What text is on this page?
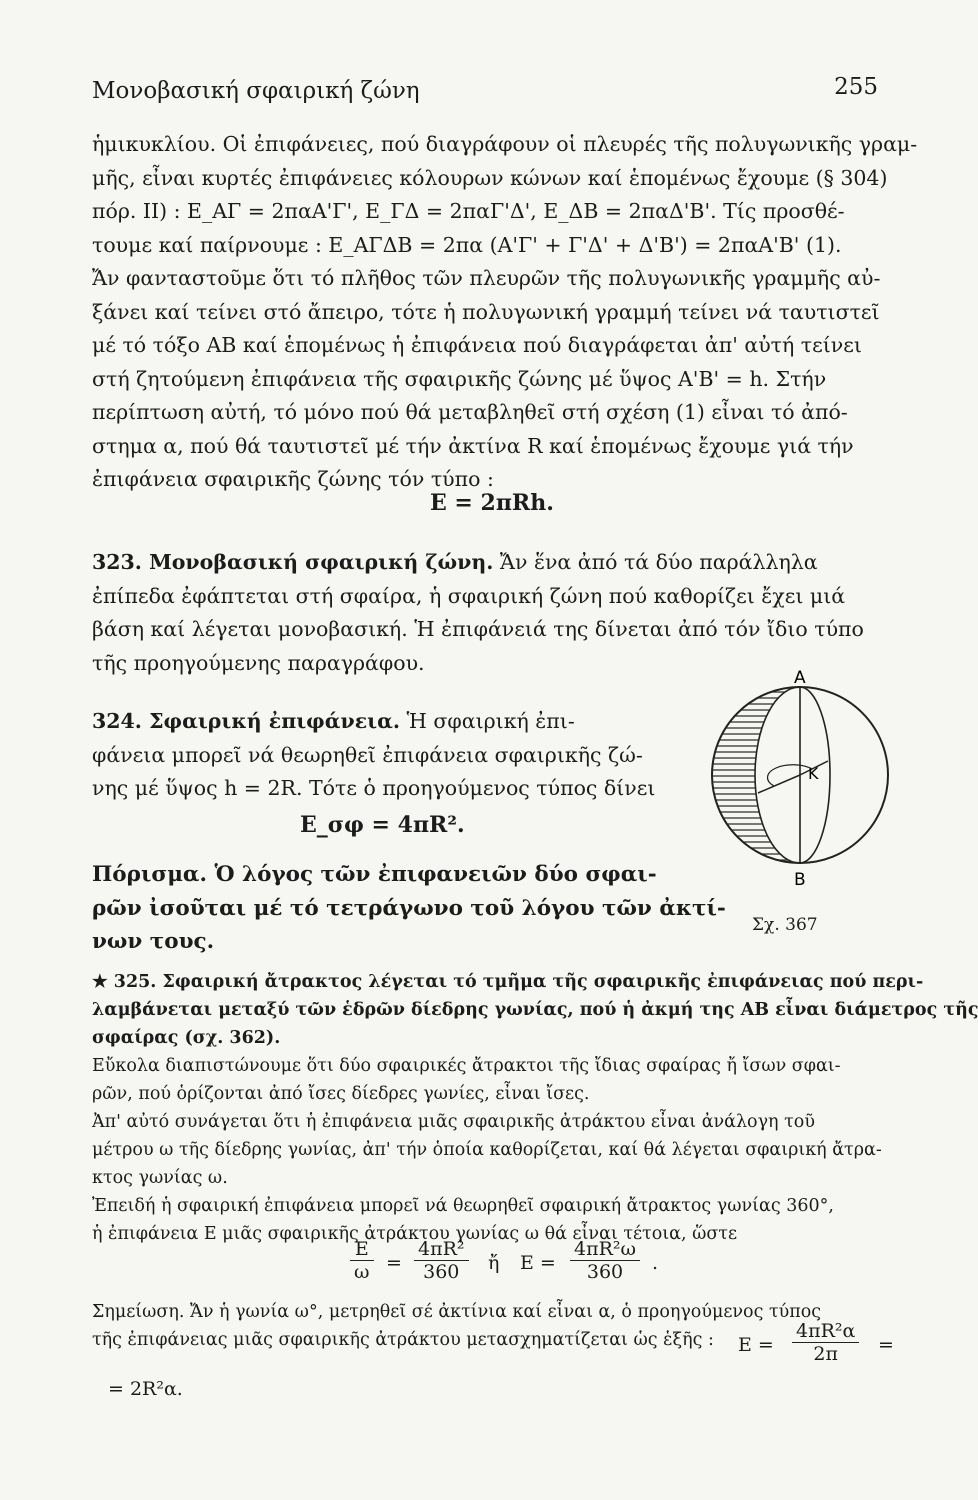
Μονοβασική σφαιρική ζώνη	255
ἡμικυκλίου. Οἱ ἐπιφάνειες, πού διαγράφουν οἱ πλευρές τῆς πολυγωνικῆς γραμ-
μῆς, εἶναι κυρτές ἐπιφάνειες κόλουρων κώνων καί ἑπομένως ἔχουμε (§ 304)
πόρ. ΙΙ) : Ε_ΑΓ = 2παΑ'Γ', Ε_ΓΔ = 2παΓ'Δ', Ε_ΔΒ = 2παΔ'Β'. Τίς προσθέ-
τουμε καί παίρνουμε : Ε_ΑΓΔΒ = 2πα (Α'Γ' + Γ'Δ' + Δ'Β') = 2παΑ'Β' (1).
Ἄν φανταστοῦμε ὅτι τό πλῆθος τῶν πλευρῶν τῆς πολυγωνικῆς γραμμῆς αὐ-
ξάνει καί τείνει στό ἄπειρο, τότε ἡ πολυγωνική γραμμή τείνει νά ταυτιστεῖ
μέ τό τόξο ΑΒ καί ἑπομένως ἡ ἐπιφάνεια πού διαγράφεται ἀπ' αὐτή τείνει
στή ζητούμενη ἐπιφάνεια τῆς σφαιρικῆς ζώνης μέ ὕψος Α'Β' = h. Στήν
περίπτωση αὐτή, τό μόνο πού θά μεταβληθεῖ στή σχέση (1) εἶναι τό ἀπό-
στημα α, πού θά ταυτιστεῖ μέ τήν ἀκτίνα R καί ἑπομένως ἔχουμε γιά τήν
ἐπιφάνεια σφαιρικῆς ζώνης τόν τύπο :
E = 2πRh.
323. Μονοβασική σφαιρική ζώνη. Ἄν ἕνα ἀπό τά δύο παράλληλα
ἐπίπεδα ἐφάπτεται στή σφαίρα, ἡ σφαιρική ζώνη πού καθορίζει ἔχει μιά
βάση καί λέγεται μονοβασική. Ἡ ἐπιφάνειά της δίνεται ἀπό τόν ἴδιο τύπο
τῆς προηγούμενης παραγράφου.
324. Σφαιρική ἐπιφάνεια. Ἡ σφαιρική ἐπι-
φάνεια μπορεῖ νά θεωρηθεῖ ἐπιφάνεια σφαιρικῆς ζώ-
νης μέ ὕψος h = 2R. Τότε ὁ προηγούμενος τύπος δίνει
E_σφ = 4πR².
Πόρισμα. Ὁ λόγος τῶν ἐπιφανειῶν δύο σφαι-
ρῶν ἰσοῦται μέ τό τετράγωνο τοῦ λόγου τῶν ἀκτί-
νων τους.
Α
Β
Κ
Σχ. 367
★ 325. Σφαιρική ἄτρακτος λέγεται τό τμῆμα τῆς σφαιρικῆς ἐπιφάνειας πού περι-
λαμβάνεται μεταξύ τῶν ἑδρῶν δίεδρης γωνίας, πού ἡ ἀκμή της ΑΒ εἶναι διάμετρος τῆς
σφαίρας (σχ. 362).
Εὔκολα διαπιστώνουμε ὅτι δύο σφαιρικές ἄτρακτοι τῆς ἴδιας σφαίρας ἤ ἴσων σφαι-
ρῶν, πού ὁρίζονται ἀπό ἴσες δίεδρες γωνίες, εἶναι ἴσες.
Ἀπ' αὐτό συνάγεται ὅτι ἡ ἐπιφάνεια μιᾶς σφαιρικῆς ἀτράκτου εἶναι ἀνάλογη τοῦ
μέτρου ω τῆς δίεδρης γωνίας, ἀπ' τήν ὁποία καθορίζεται, καί θά λέγεται σφαιρική ἄτρα-
κτος γωνίας ω.
Ἐπειδή ἡ σφαιρική ἐπιφάνεια μπορεῖ νά θεωρηθεῖ σφαιρική ἄτρακτος γωνίας 360°,
ἡ ἐπιφάνεια E μιᾶς σφαιρικῆς ἀτράκτου γωνίας ω θά εἶναι τέτοια, ὥστε
$\frac{E}{\omega} = \frac{\text{4πR²}}{360}$ ἤ $E = \frac{\text{4πR²ω}}{360}$ .
Σημείωση. Ἄν ἡ γωνία ω°, μετρηθεῖ σέ ἀκτίνια καί εἶναι α, ὁ προηγούμενος τύπος
τῆς ἐπιφάνειας μιᾶς σφαιρικῆς ἀτράκτου μετασχηματίζεται ὡς ἑξῆς :	$E = \frac{\text{4πR²α}}{2\pi}$ =
= 2R²α.
